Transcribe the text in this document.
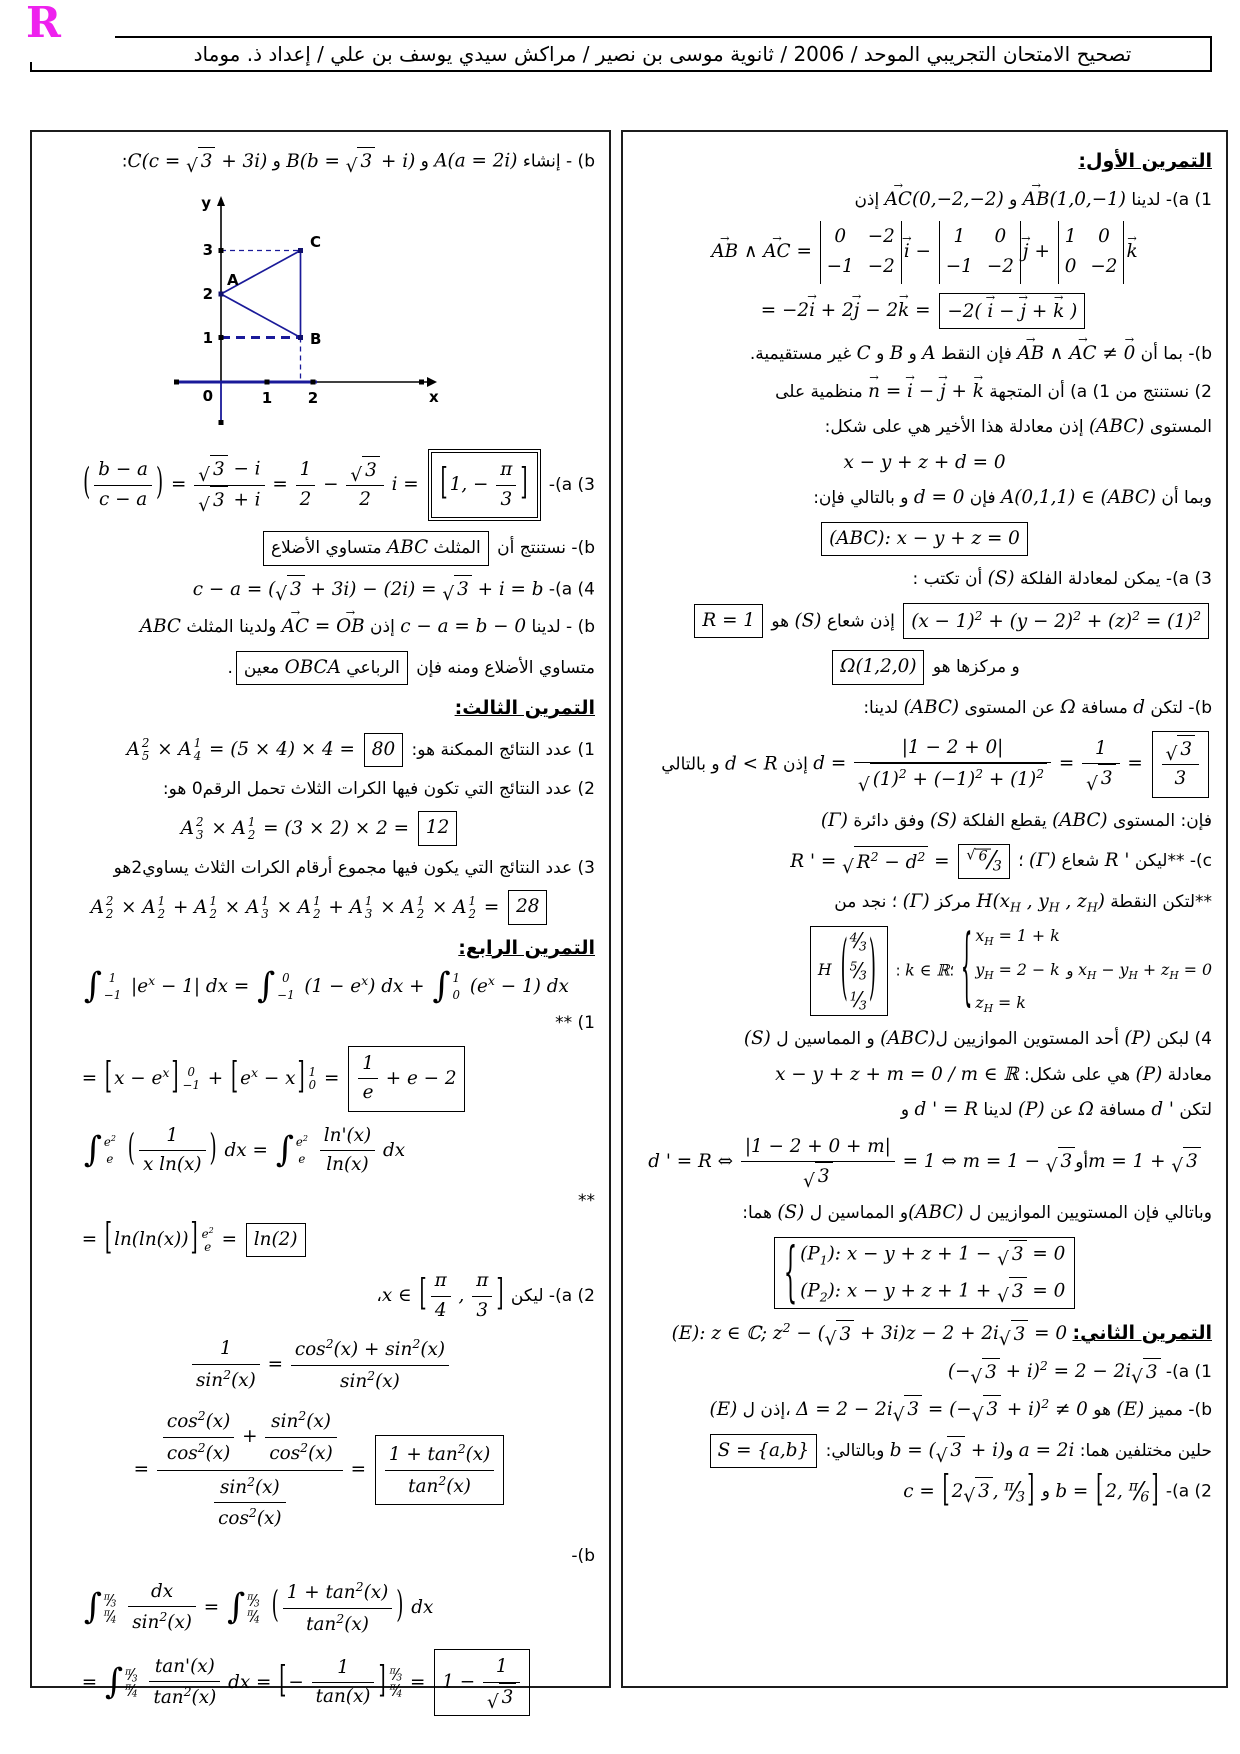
R
تصحيح الامتحان التجريبي الموحد / 2006 / ثانوية موسى بن نصير / مراكش سيدي يوسف بن علي / إعداد ذ. موماد
التمرين الأول:
1) a)- لدينا AB →(1,0,−1) و AC →(0,−2,−2) إذن
AB → ∧ AC → =
0	−2
−1 −2
i → −
1	0
−1 −2
j → +
1	0
0 −2
k →
= −2i → + 2j → − 2k → = −2( i → − j → + k → )
b)- بما أن AB → ∧ AC → ≠ 0 → فإن النقط A و B و C غير مستقيمية.
2) نستنتج من 1) a) أن المتجهة n → = i → − j → + k → منظمية على
المستوى (ABC) إذن معادلة هذا الأخير هي على شكل:
x − y + z + d = 0
وبما أن A(0,1,1) ∈ (ABC) فإن d = 0 و بالتالي فإن:
(ABC): x − y + z = 0
3) a)- يمكن لمعادلة الفلكة (S) أن تكتب :
$(x - 1)^2 + (y - 2)^2 + (z)^2 = (1)^2$ إذن شعاع (S) هو R = 1
و مركزها هو Ω(1,2,0)
b)- لتكن d مسافة Ω عن المستوى (ABC) لدينا:
$d = \frac{|1 - 2 + 0|}{√ (1)^2 + (-1)^2 + (1)^2} = \frac{1}{√ 3} = \frac{√ 3}{3}$
إذن d < R و بالتالي
فإن: المستوى (ABC) يقطع الفلكة (S) وفق دائرة (Γ)
c)- **ليكن R ' شعاع (Γ) ؛ R ' = √ $R^2 - d^2$ = √ 6 ⁄ 3
**لتكن النقطة $H(x_H$ , $y_H$ , $z_H$) مركز (Γ) ؛ نجد من
$x_H - y_H + z_H = 0$ و
{ $x_H = 1 + k$
$y_H = 2 - k$
$z_H = k$
؛k ∈ ℝ : H ( 4 ⁄ 3
5 ⁄ 3
1 ⁄ 3 )
4) لبكن (P) أحد المستوين الموازيين ل(ABC) و المماسين ل (S)
معادلة (P) هي على شكل: x − y + z + m = 0 / m ∈ ℝ
لتكن d ' مسافة Ω عن (P) لدينا d ' = R و
d ' = R ⇔ $\frac{|1 - 2 + 0 + m|}{√ 3} = 1$ ⇔ m = 1 − √ 3 أوm = 1 + √ 3
وباتالي فإن المستويين الموازيين ل (ABC)و المماسين ل (S) هما:
{ $(P_1)$: x − y + z + 1 − √ 3 = 0
$(P_2)$: x − y + z + 1 + √ 3 = 0
التمرين الثاني: (E): z ∈ ℂ; $z^2$ − ( √ 3 + 3i)z − 2 + 2i √ 3 = 0
1) a)- (− √ 3 + i)$^2$ = 2 − 2i √ 3
b)- مميز (E) هو Δ = 2 − 2i √ 3 = (− √ 3 + i)$^2$ ≠ 0 ،إذن ل (E)
حلين مختلفين هما: a = 2i وb = ( √ 3 + i) وبالتالي: S = {a,b}
2) a)- b = [ 2, π ⁄ 6 ] و c = [ 2 √ 3 , π ⁄ 3 ]
b) - إنشاء A(a = 2i) و B(b = √ 3 + i) و C(c = √ 3 + 3i):
y
x
0	1 2
1
2
3
A
B
C
3) a)- ( $\frac{b - a}{c - a}$ ) = $\frac{√ 3 - i}{√ 3 + i} = \frac{1}{2} - \frac{√ 3}{2}$ i = [ 1, − $\frac{\pi}{3}$ ]
b)- نستنتج أن المثلث ABC متساوي الأضلاع
4) a)- c − a = ( √ 3 + 3i) − (2i) = √ 3 + i = b
b) - لدينا c − a = b − 0 إذن AC → = OB → ولدينا المثلث ABC
متساوي الأضلاع ومنه فإن الرباعي OBCA معين.
التمرين الثالث:
1) عدد النتائج الممكنة هو: A 2
5 × A 1
4 = (5 × 4) × 4 = 80
2) عدد النتائج التي تكون فيها الكرات الثلاث تحمل الرقم0 هو:
A 2
3 × A 1
2 = (3 × 2) × 2 = 12
3) عدد النتائج التي يكون فيها مجموع أرقام الكرات الثلاث يساوي2هو
A 2
2 × A 1
2 + A 1
2 × A 1
3 × A 1
2 + A 1
3 × A 1
2 × A 1
2 = 28
التمرين الرابع:
∫ 1
−1 $|e^x - 1|$ dx = ∫ 0
−1 $(1 - e^x)$ dx + ∫ 1
0 $(e^x - 1)$ dx
1) **
= [ $x - e^x$ ] 0
−1 + [ $e^x - x$ ] 1
$0 = \frac{1}{e} + e - 2$
∫ $e^2$
e ( $\frac{1}{\text{x ln(x)}}$ ) dx = ∫ $e^2$
e
$\frac{\ln'(x)}{\ln(x)}$ dx
**
= [ ln(ln(x)) ] $e^2$
e = ln(2)
2) a)- ليكن x ∈ [ $\frac{\pi}{4}$ , $\frac{\pi}{3}$ ]،
$\frac{1}{\sin^2(x)} = \frac{\cos^2(x) + \sin^2(x)}{\sin^2(x)}$
= $\frac{\frac{\cos^2(x)}{\cos^2(x)} + \frac{\sin^2(x)}{\cos^2(x)}}{\frac{\sin^2(x)}{\cos^2(x)}} = \frac{1 + \tan^2(x)}{\tan^2(x)}$
b)-
∫ π ⁄ 3
π ⁄ 4
$\frac{dx}{\sin^2(x)}$ = ∫ π ⁄ 3
π ⁄ 4 ( $\frac{1 + \tan^2(x)}{\tan^2(x)}$ ) dx
= ∫ π ⁄ 3
π ⁄ 4
$\frac{\tan'(x)}{\tan^2(x)}$ dx = [ − $\frac{1}{\tan(x)}$ ] π ⁄ 3
π ⁄ 4
= $1 - \frac{1}{√ 3}$
